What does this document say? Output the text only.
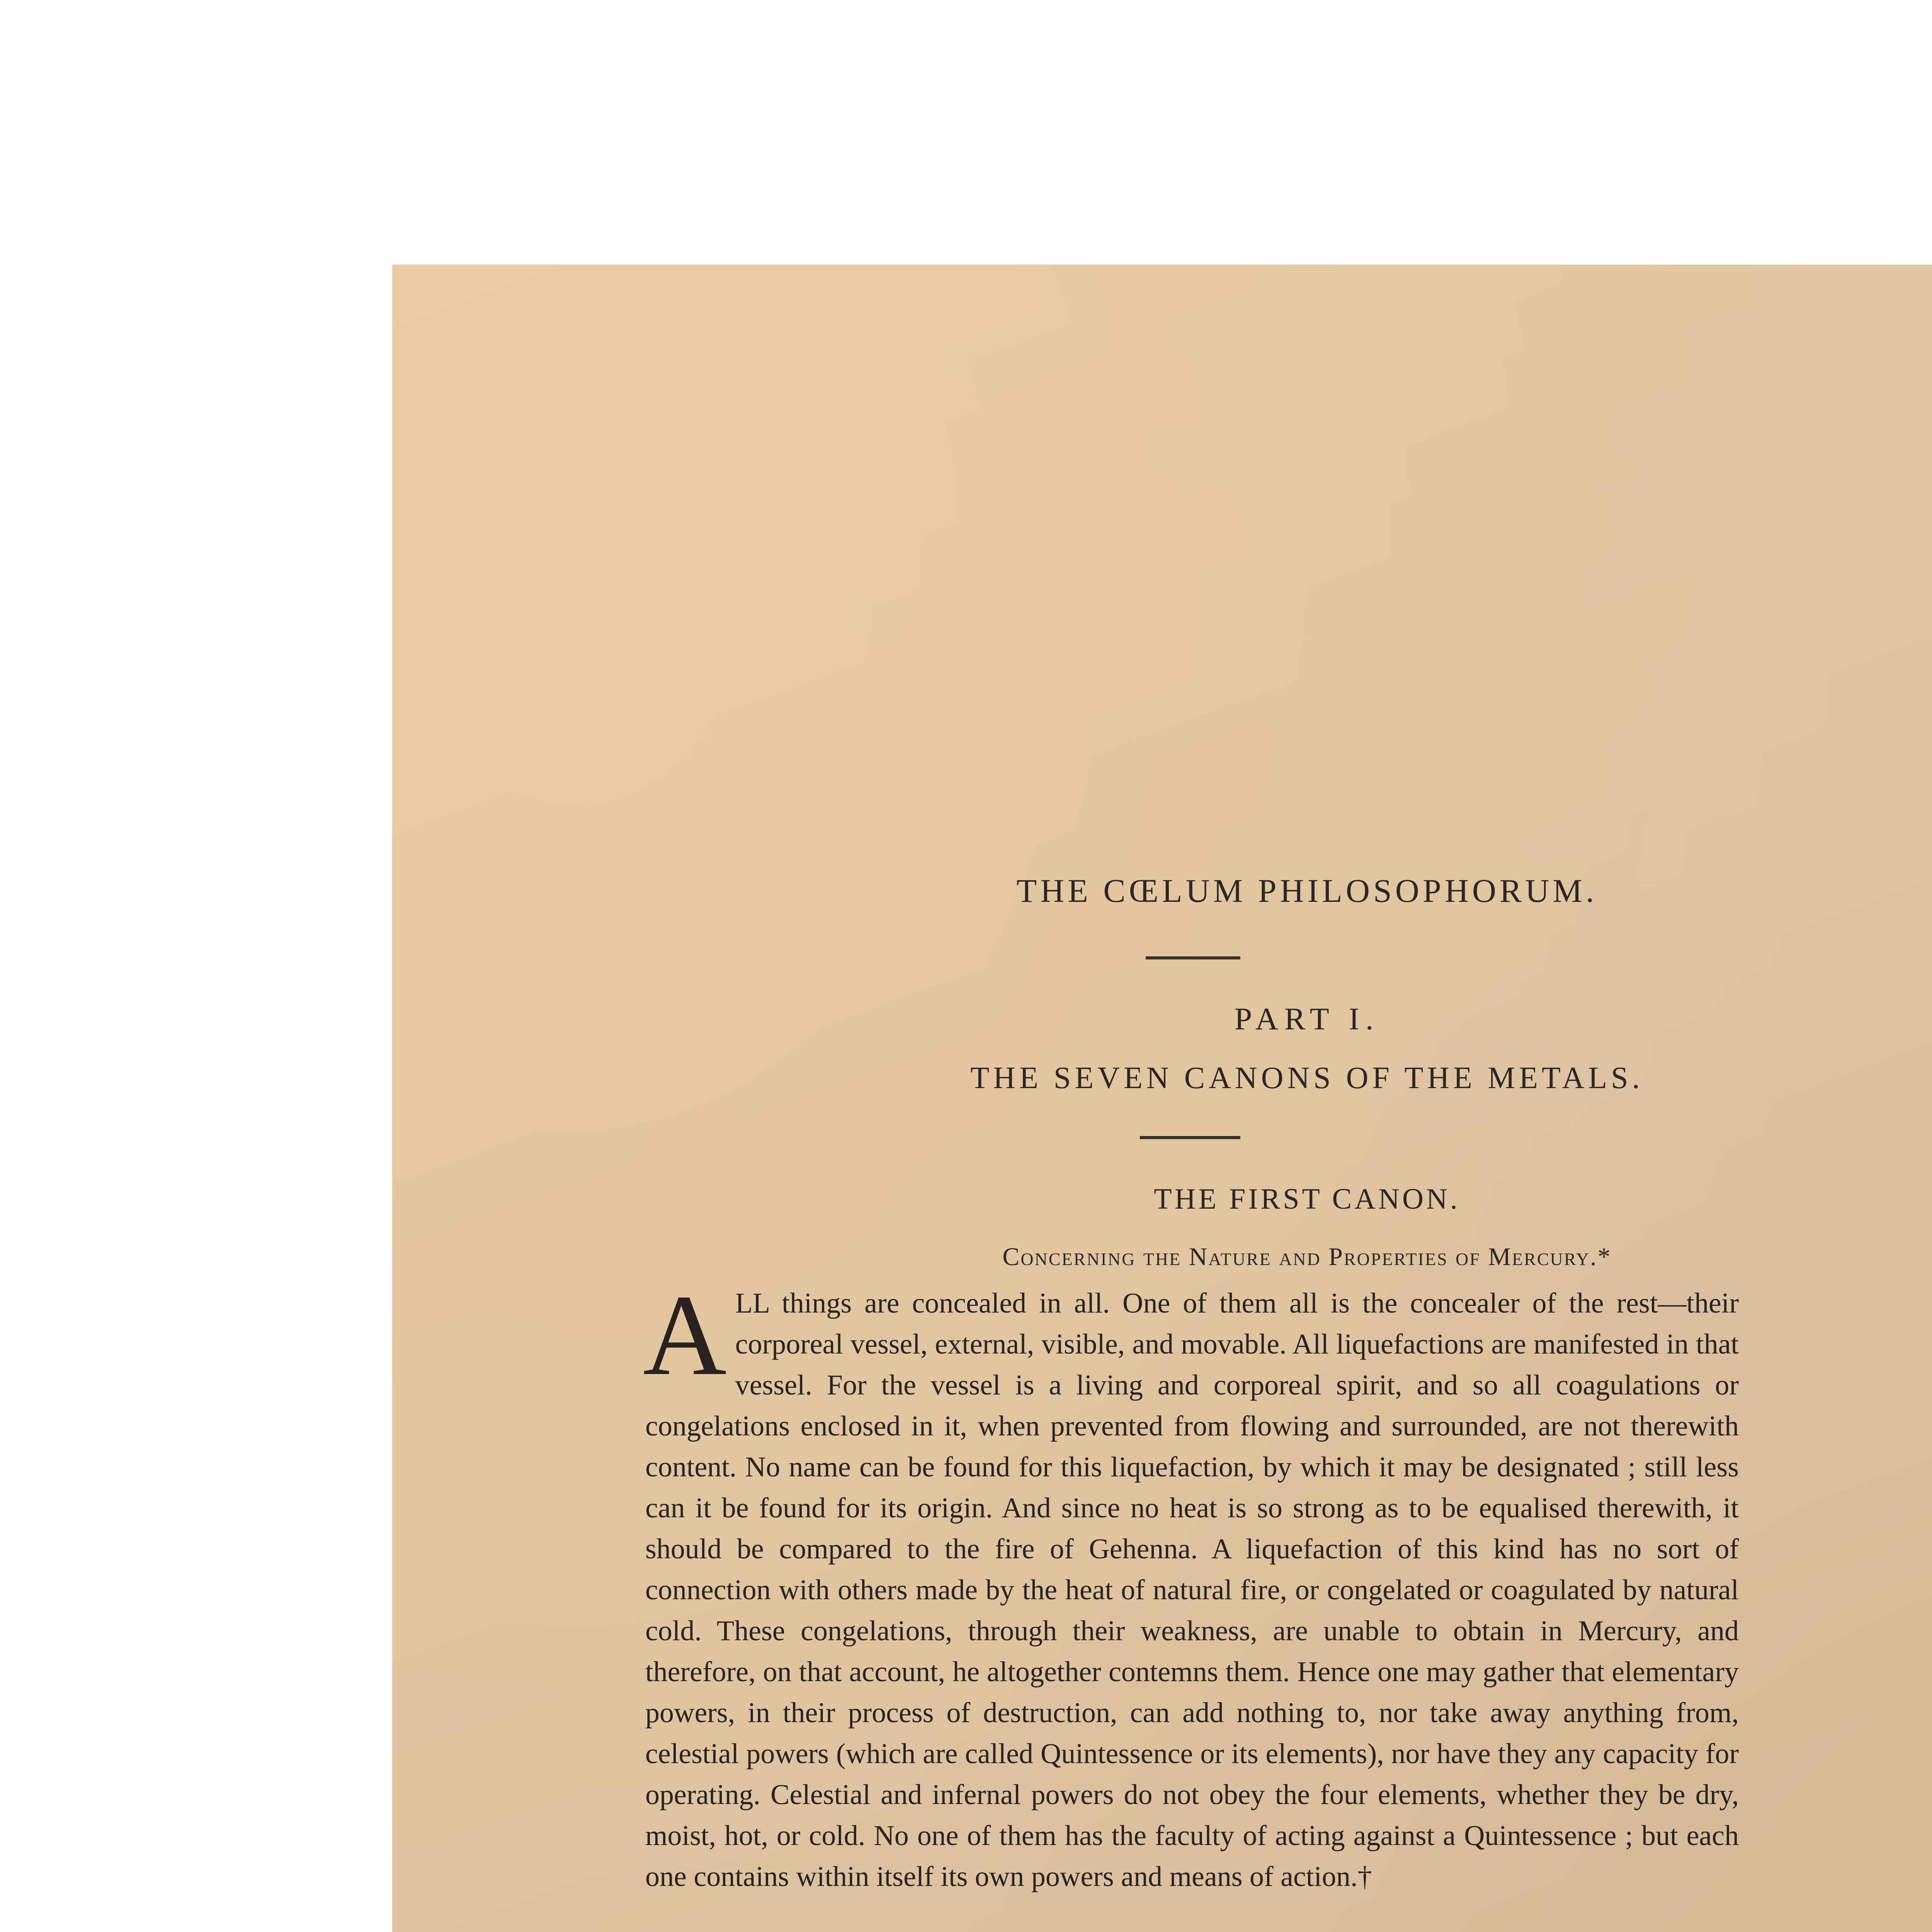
THE CŒLUM PHILOSOPHORUM.
PART I.
THE SEVEN CANONS OF THE METALS.
THE FIRST CANON.
Concerning the Nature and Properties of Mercury.*
A LL things are concealed in all. One of them all is the concealer of the rest—their corporeal vessel, external, visible, and movable. All liquefactions are manifested in that vessel. For the vessel is a living and corporeal spirit, and so all coagulations or congelations enclosed in it, when prevented from flowing and surrounded, are not therewith content. No name can be found for this liquefaction, by which it may be designated ; still less can it be found for its origin. And since no heat is so strong as to be equalised therewith, it should be compared to the fire of Gehenna. A liquefaction of this kind has no sort of connection with others made by the heat of natural fire, or congelated or coagulated by natural cold. These congelations, through their weakness, are unable to obtain in Mercury, and therefore, on that account, he altogether contemns them. Hence one may gather that elementary powers, in their process of destruction, can add nothing to, nor take away anything from, celestial powers (which are called Quintessence or its elements), nor have they any capacity for operating. Celestial and infernal powers do not obey the four elements, whether they be dry, moist, hot, or cold. No one of them has the faculty of acting against a Quintessence ; but each one contains within itself its own powers and means of action.†
